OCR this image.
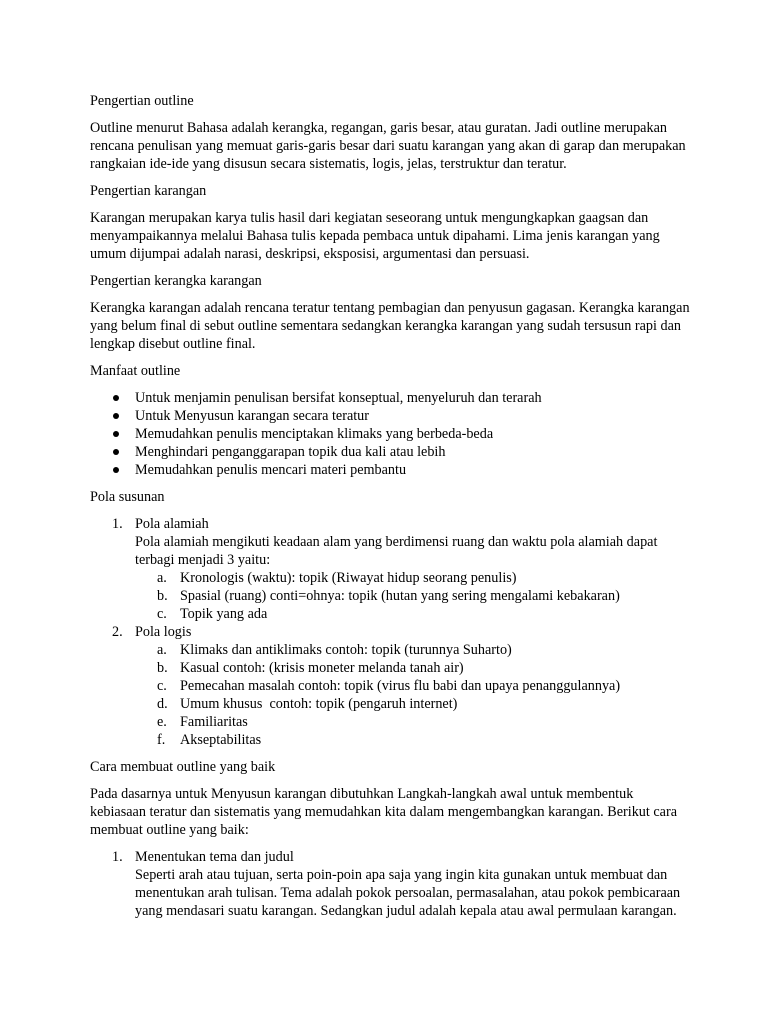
Pengertian outline

Outline menurut Bahasa adalah kerangka, regangan, garis besar, atau guratan. Jadi outline merupakan rencana penulisan yang memuat garis-garis besar dari suatu karangan yang akan di garap dan merupakan rangkaian ide-ide yang disusun secara sistematis, logis, jelas, terstruktur dan teratur.

Pengertian karangan

Karangan merupakan karya tulis hasil dari kegiatan seseorang untuk mengungkapkan gaagsan dan menyampaikannya melalui Bahasa tulis kepada pembaca untuk dipahami. Lima jenis karangan yang umum dijumpai adalah narasi, deskripsi, eksposisi, argumentasi dan persuasi.

Pengertian kerangka karangan

Kerangka karangan adalah rencana teratur tentang pembagian dan penyusun gagasan. Kerangka karangan yang belum final di sebut outline sementara sedangkan kerangka karangan yang sudah tersusun rapi dan lengkap disebut outline final.

Manfaat outline

Untuk menjamin penulisan bersifat konseptual, menyeluruh dan terarah
Untuk Menyusun karangan secara teratur
Memudahkan penulis menciptakan klimaks yang berbeda-beda
Menghindari penganggarapan topik dua kali atau lebih
Memudahkan penulis mencari materi pembantu

Pola susunan

1. Pola alamiah
Pola alamiah mengikuti keadaan alam yang berdimensi ruang dan waktu pola alamiah dapat terbagi menjadi 3 yaitu:
a. Kronologis (waktu): topik (Riwayat hidup seorang penulis)
b. Spasial (ruang) conti=ohnya: topik (hutan yang sering mengalami kebakaran)
c. Topik yang ada
2. Pola logis
a. Klimaks dan antiklimaks contoh: topik (turunnya Suharto)
b. Kasual contoh: (krisis moneter melanda tanah air)
c. Pemecahan masalah contoh: topik (virus flu babi dan upaya penanggulannya)
d. Umum khusus  contoh: topik (pengaruh internet)
e. Familiaritas
f. Akseptabilitas

Cara membuat outline yang baik

Pada dasarnya untuk Menyusun karangan dibutuhkan Langkah-langkah awal untuk membentuk kebiasaan teratur dan sistematis yang memudahkan kita dalam mengembangkan karangan. Berikut cara membuat outline yang baik:

1. Menentukan tema dan judul
Seperti arah atau tujuan, serta poin-poin apa saja yang ingin kita gunakan untuk membuat dan menentukan arah tulisan. Tema adalah pokok persoalan, permasalahan, atau pokok pembicaraan yang mendasari suatu karangan. Sedangkan judul adalah kepala atau awal permulaan karangan.
